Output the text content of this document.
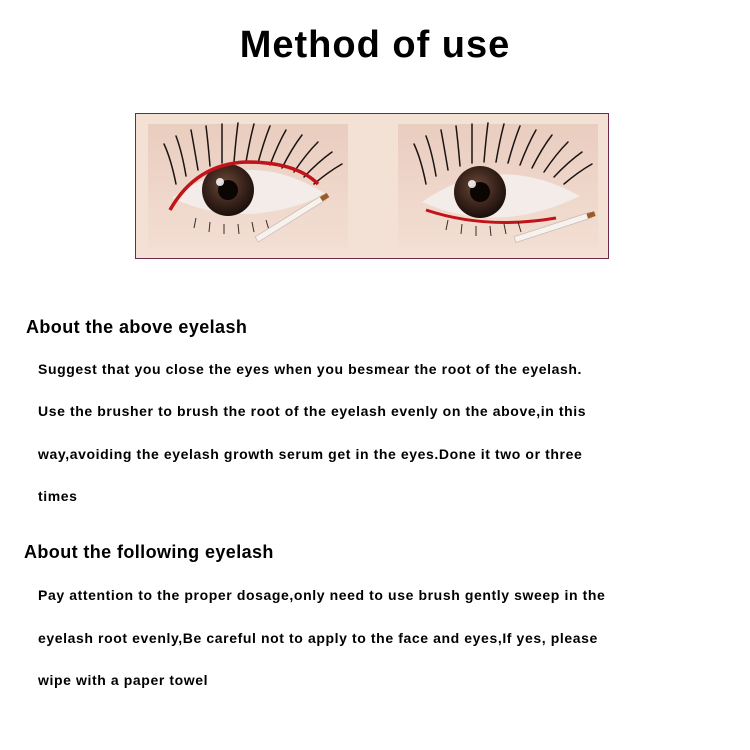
Method of use
About the above eyelash
Suggest that you close the eyes when you besmear the root of the eyelash.
Use the brusher to brush the root of the eyelash evenly on the above,in this
way,avoiding the eyelash growth serum get in the eyes.Done it two or three
times
About the following eyelash
Pay attention to the proper dosage,only need to use brush gently sweep in the
eyelash root evenly,Be careful not to apply to the face and eyes,If yes, please
wipe with a paper towel
